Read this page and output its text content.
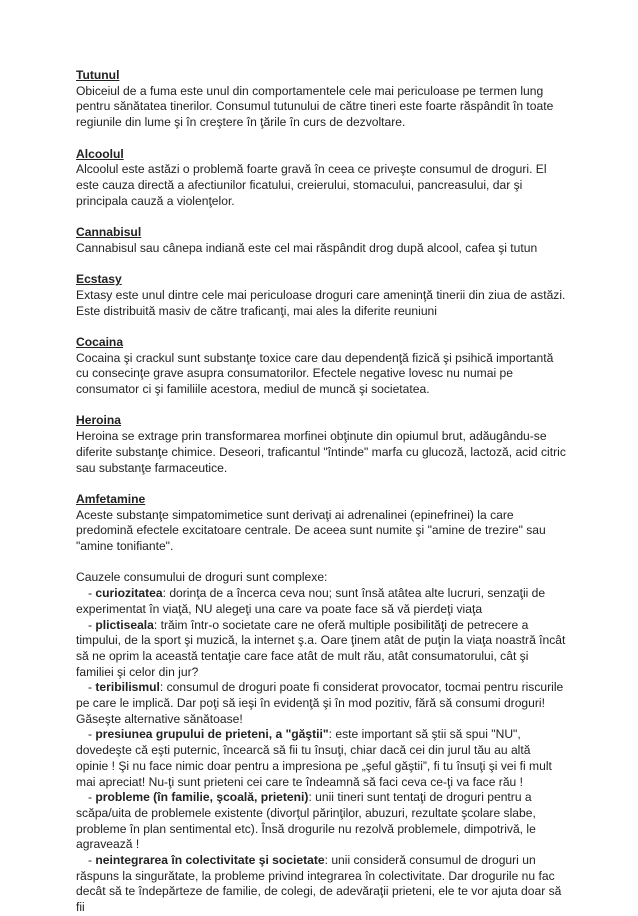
Tutunul
Obiceiul de a fuma este unul din comportamentele cele mai periculoase pe termen lung pentru sănătatea tinerilor. Consumul tutunului de către tineri este foarte răspândit în toate regiunile din lume şi în creştere în ţările în curs de dezvoltare.
Alcoolul
Alcoolul este astăzi o problemă foarte gravă în ceea ce priveşte consumul de droguri. El este cauza directă a afectiunilor ficatului, creierului, stomacului, pancreasului, dar şi principala cauză a violenţelor.
Cannabisul
Cannabisul sau cânepa indiană este cel mai răspândit drog după alcool, cafea şi tutun
Ecstasy
Extasy este unul dintre cele mai periculoase droguri care ameninţă tinerii din ziua de astăzi. Este distribuită masiv de către traficanţi, mai ales la diferite reuniuni
Cocaina
Cocaina şi crackul sunt substanţe toxice care dau dependenţă fizică şi psihică importantă cu consecinţe grave asupra consumatorilor. Efectele negative lovesc nu numai pe consumator ci şi familiile acestora, mediul de muncă şi societatea.
Heroina
Heroina se extrage prin transformarea morfinei obţinute din opiumul brut, adăugându-se diferite substanţe chimice. Deseori, traficantul "întinde" marfa cu glucoză, lactoză, acid citric sau substanţe farmaceutice.
Amfetamine
Aceste substanţe simpatomimetice sunt derivaţi ai adrenalinei (epinefrinei) la care predomină efectele excitatoare centrale. De aceea sunt numite şi "amine de trezire" sau "amine tonifiante".
Cauzele consumului de droguri sunt complexe:
- curiozitatea: dorinţa de a încerca ceva nou; sunt însă atâtea alte lucruri, senzaţii de experimentat în viaţă, NU alegeţi una care va poate face să vă pierdeţi viaţa
- plictiseala: trăim într-o societate care ne oferă multiple posibilităţi de petrecere a timpului, de la sport şi muzică, la internet ş.a. Oare ţinem atât de puţin la viaţa noastră încât să ne oprim la această tentaţie care face atât de mult rău, atât consumatorului, cât şi familiei şi celor din jur?
- teribilismul: consumul de droguri poate fi considerat provocator, tocmai pentru riscurile pe care le implică. Dar poţi să ieşi în evidenţă şi în mod pozitiv, fără să consumi droguri! Găseşte alternative sănătoase!
- presiunea grupului de prieteni, a "găştii": este important să ştii să spui "NU", dovedeşte că eşti puternic, încearcă să fii tu însuţi, chiar dacă cei din jurul tău au altă opinie ! Şi nu face nimic doar pentru a impresiona pe „şeful găştii”, fi tu însuţi şi vei fi mult mai apreciat! Nu-ţi sunt prieteni cei care te îndeamnă să faci ceva ce-ţi va face rău !
- probleme (în familie, şcoală, prieteni): unii tineri sunt tentaţi de droguri pentru a scăpa/uita de problemele existente (divorţul părinţilor, abuzuri, rezultate şcolare slabe, probleme în plan sentimental etc). Însă drogurile nu rezolvă problemele, dimpotrivă, le agravează !
- neintegrarea în colectivitate şi societate: unii consideră consumul de droguri un răspuns la singurătate, la probleme privind integrarea în colectivitate. Dar drogurile nu fac decât să te îndepărteze de familie, de colegi, de adevăraţii prieteni, ele te vor ajuta doar să fii
